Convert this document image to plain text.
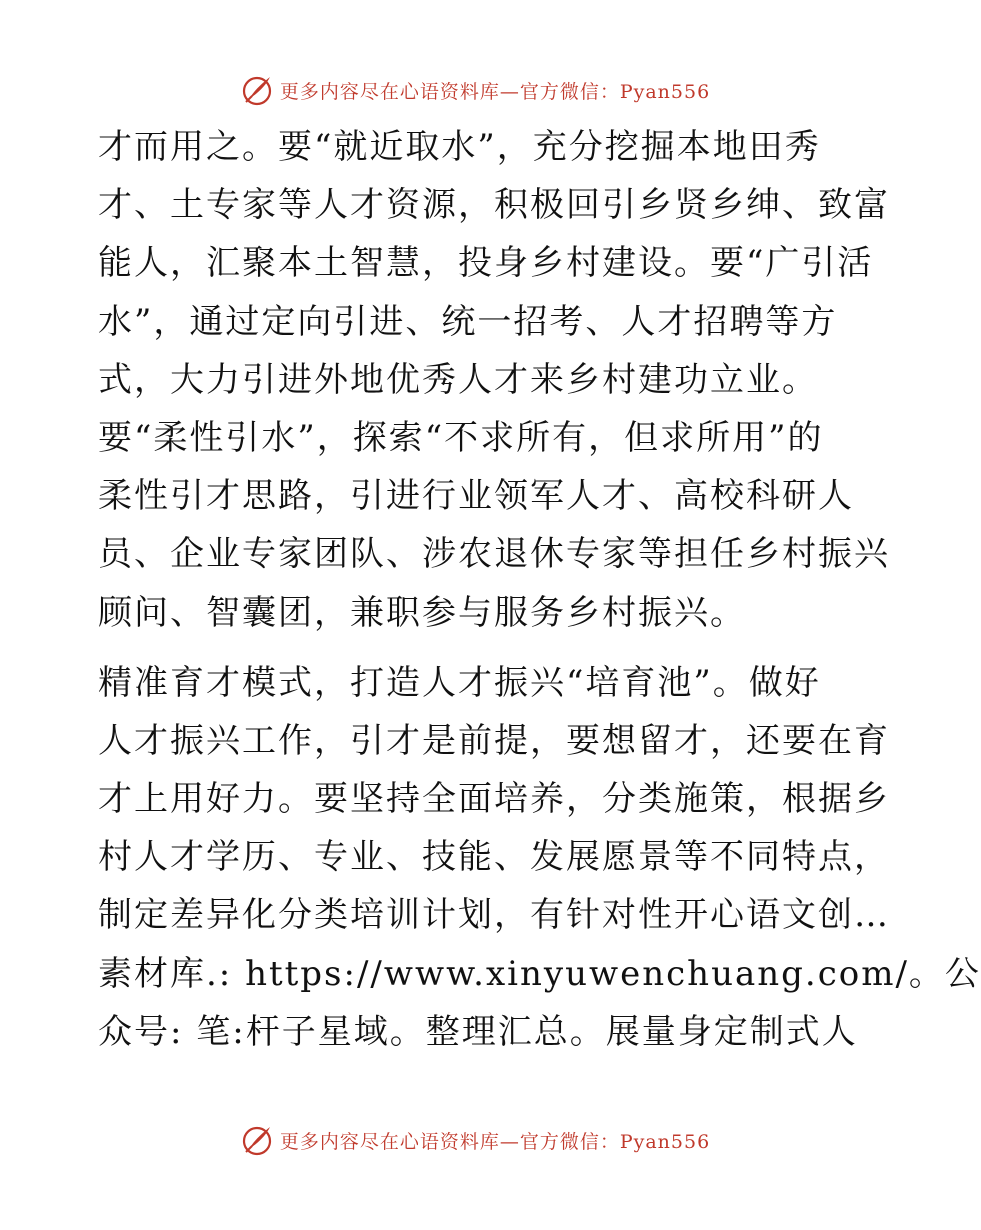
更多内容尽在心语资料库—官方微信：Pyan556
才而用之。要“就近取水”，充分挖掘本地田秀
才、土专家等人才资源，积极回引乡贤乡绅、致富
能人，汇聚本土智慧，投身乡村建设。要“广引活
水”，通过定向引进、统一招考、人才招聘等方
式，大力引进外地优秀人才来乡村建功立业。
要“柔性引水”，探索“不求所有，但求所用”的
柔性引才思路，引进行业领军人才、高校科研人
员、企业专家团队、涉农退休专家等担任乡村振兴
顾问、智囊团，兼职参与服务乡村振兴。
精准育才模式，打造人才振兴“培育池”。做好
人才振兴工作，引才是前提，要想留才，还要在育
才上用好力。要坚持全面培养，分类施策，根据乡
村人才学历、专业、技能、发展愿景等不同特点，
制定差异化分类培训计划，有针对性开心语文创…
素材库.: https://www.xinyuwenchuang.com/。公
众号: 笔:杆子星域。整理汇总。展量身定制式人
更多内容尽在心语资料库—官方微信：Pyan556
